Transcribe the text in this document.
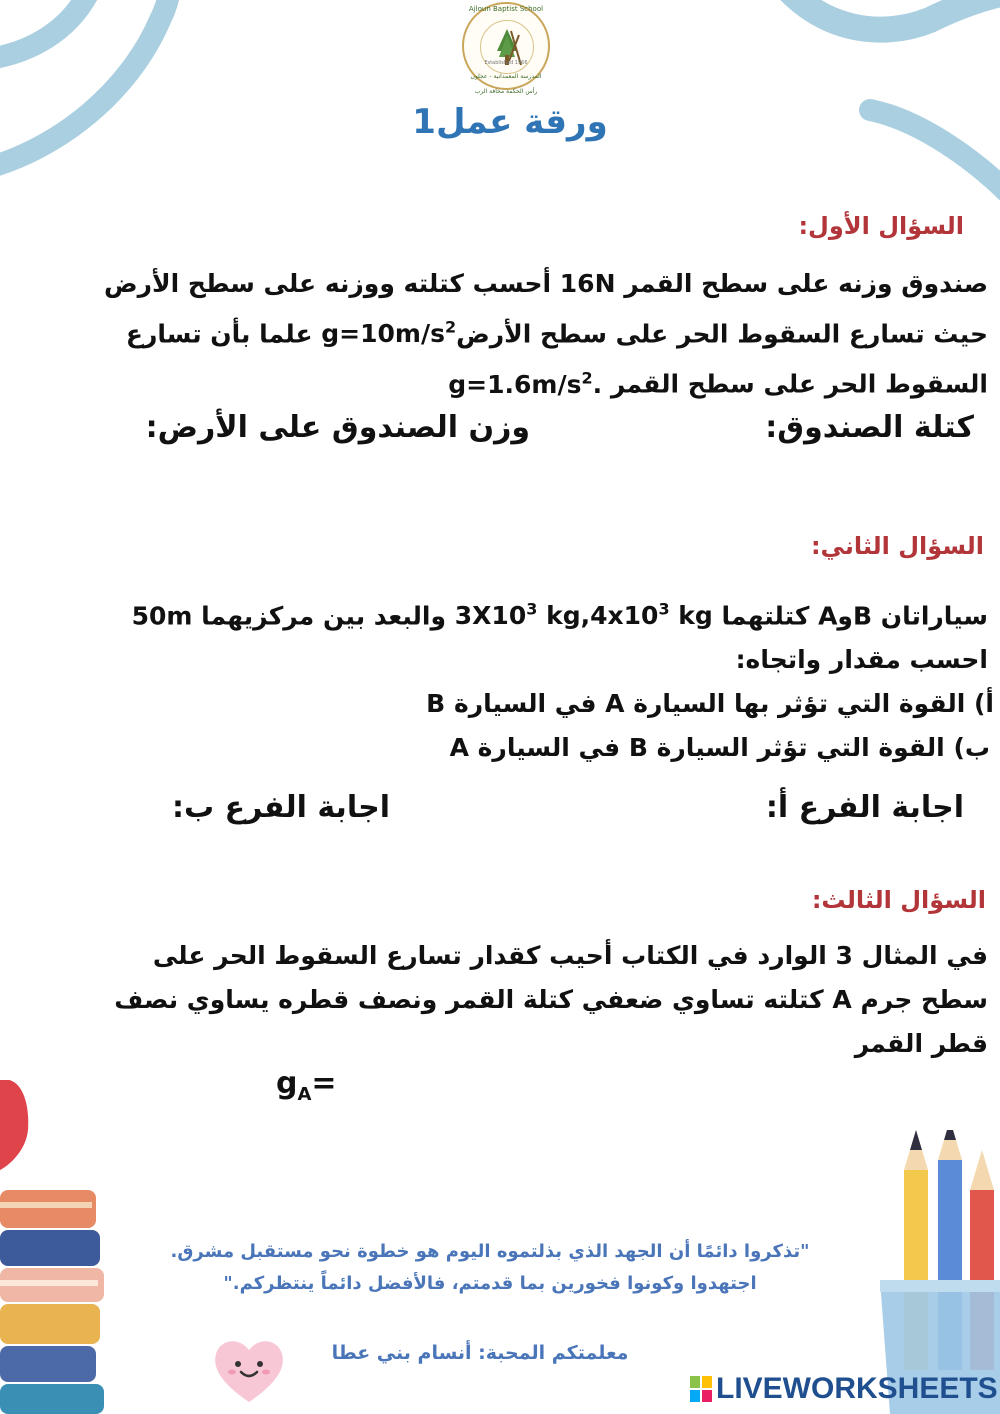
Ajloun Baptist School
Established 1966
المدرسة المعمدانية - عجلون
رأس الحكمة مخافة الرب
ورقة عمل1
السؤال الأول:
صندوق وزنه على سطح القمر 16N أحسب كتلته ووزنه على سطح الأرض
حيث تسارع السقوط الحر على سطح $الأرضg=10m/s^2$ علما بأن تسارع
السقوط الحر على سطح القمر $g=1.6m/s^2$.
كتلة الصندوق:
وزن الصندوق على الأرض:
السؤال الثاني:
سياراتان BوA كتلتهما $3X10^3$ $kg,4x10^3$ kg والبعد بين مركزيهما 50m
احسب مقدار واتجاه:
أ) القوة التي تؤثر بها السيارة A في السيارة B
ب) القوة التي تؤثر السيارة B في السيارة A
اجابة الفرع أ:
اجابة الفرع ب:
السؤال الثالث:
في المثال 3 الوارد في الكتاب أحيب كقدار تسارع السقوط الحر على
سطح جرم A كتلته تساوي ضعفي كتلة القمر ونصف قطره يساوي نصف
قطر القمر
$g_A=$
"تذكروا دائمًا أن الجهد الذي بذلتموه اليوم هو خطوة نحو مستقبل مشرق.
اجتهدوا وكونوا فخورين بما قدمتم، فالأفضل دائماً ينتظركم."
معلمتكم المحبة: أنسام بني عطا
LIVEWORKSHEETS
